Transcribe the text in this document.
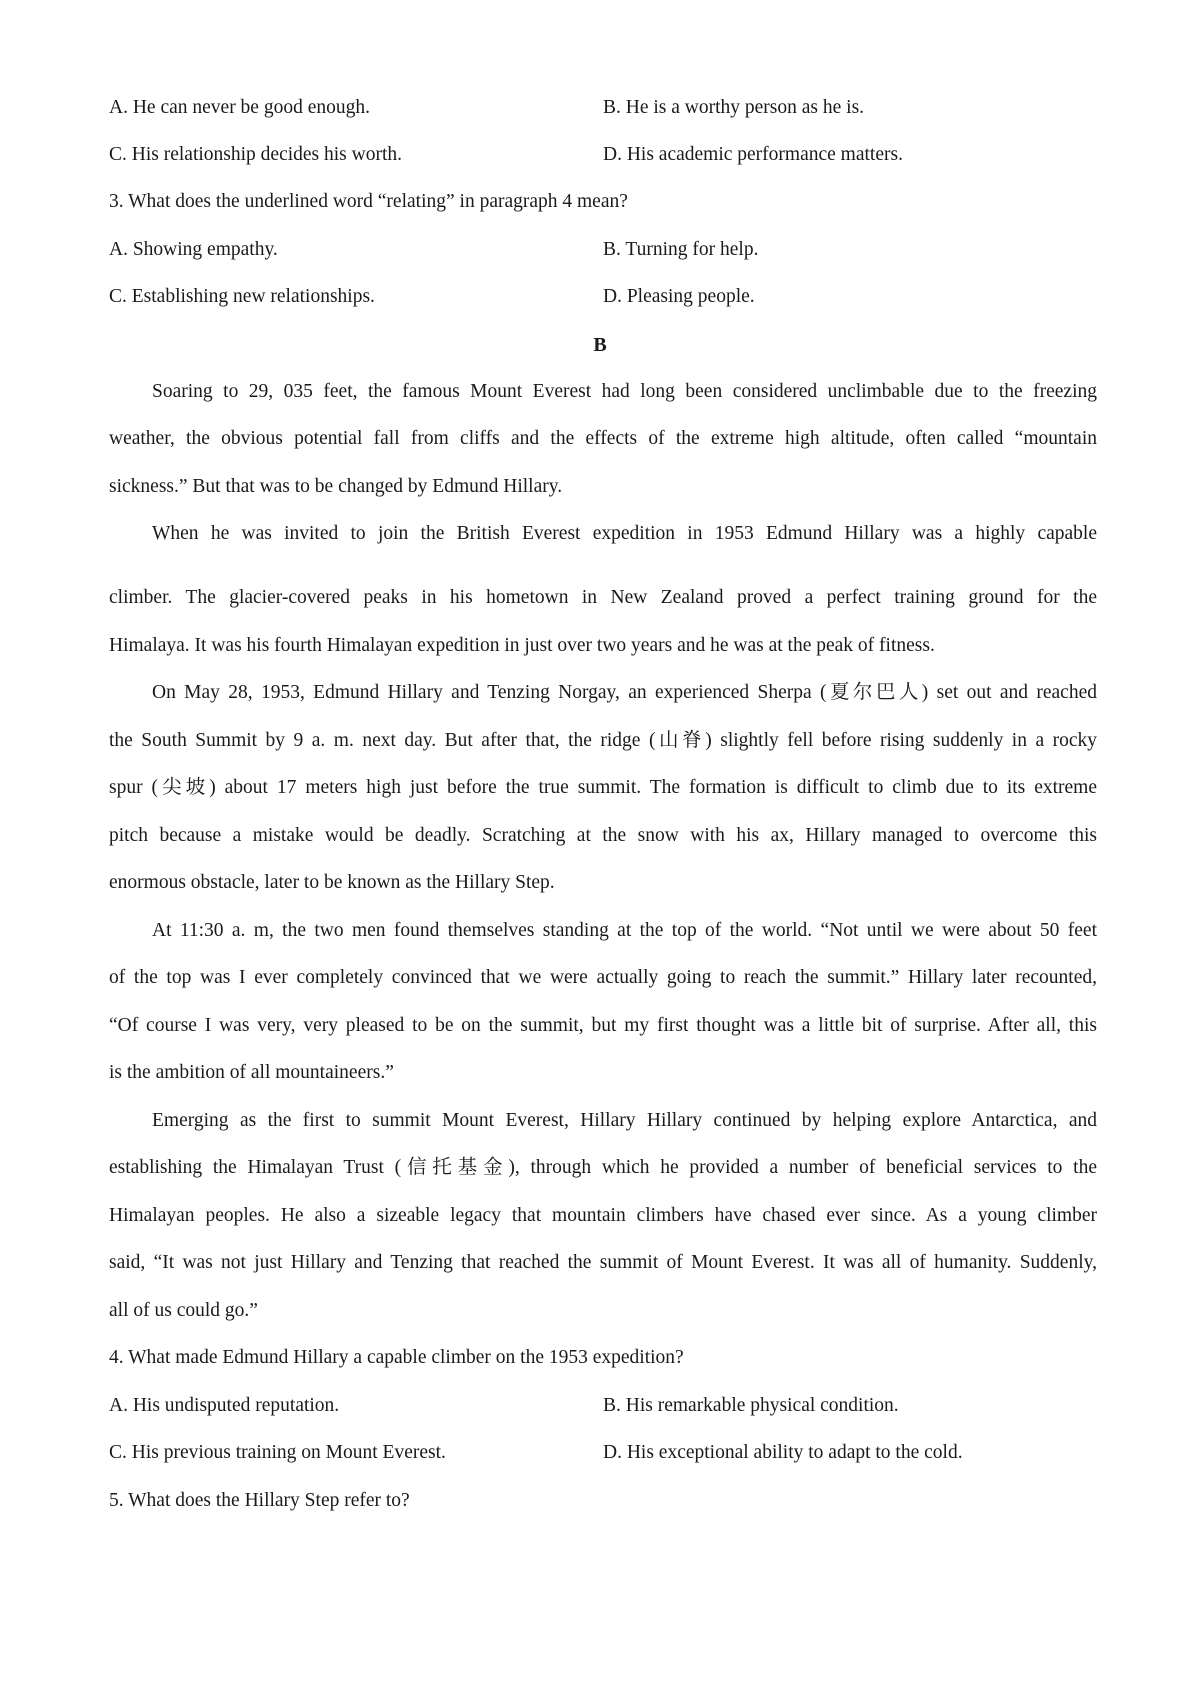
A. He can never be good enough.	B. He is a worthy person as he is.
C. His relationship decides his worth.	D. His academic performance matters.
3. What does the underlined word “relating” in paragraph 4 mean?
A. Showing empathy.	B. Turning for help.
C. Establishing new relationships.	D. Pleasing people.
B
Soaring to 29, 035 feet, the famous Mount Everest had long been considered unclimbable due to the freezing
weather, the obvious potential fall from cliffs and the effects of the extreme high altitude, often called “mountain
sickness.” But that was to be changed by Edmund Hillary.
When he was invited to join the British Everest expedition in 1953 Edmund Hillary was a highly capable
climber. The glacier-covered peaks in his hometown in New Zealand proved a perfect training ground for the
Himalaya. It was his fourth Himalayan expedition in just over two years and he was at the peak of fitness.
On May 28, 1953, Edmund Hillary and Tenzing Norgay, an experienced Sherpa (夏尔巴人) set out and reached
the South Summit by 9 a. m. next day. But after that, the ridge (山脊) slightly fell before rising suddenly in a rocky
spur (尖坡) about 17 meters high just before the true summit. The formation is difficult to climb due to its extreme
pitch because a mistake would be deadly. Scratching at the snow with his ax, Hillary managed to overcome this
enormous obstacle, later to be known as the Hillary Step.
At 11:30 a. m, the two men found themselves standing at the top of the world. “Not until we were about 50 feet
of the top was I ever completely convinced that we were actually going to reach the summit.” Hillary later recounted,
“Of course I was very, very pleased to be on the summit, but my first thought was a little bit of surprise. After all, this
is the ambition of all mountaineers.”
Emerging as the first to summit Mount Everest, Hillary Hillary continued by helping explore Antarctica, and
establishing the Himalayan Trust (信托基金), through which he provided a number of beneficial services to the
Himalayan peoples. He also a sizeable legacy that mountain climbers have chased ever since. As a young climber
said, “It was not just Hillary and Tenzing that reached the summit of Mount Everest. It was all of humanity. Suddenly,
all of us could go.”
4. What made Edmund Hillary a capable climber on the 1953 expedition?
A. His undisputed reputation.	B. His remarkable physical condition.
C. His previous training on Mount Everest.	D. His exceptional ability to adapt to the cold.
5. What does the Hillary Step refer to?
